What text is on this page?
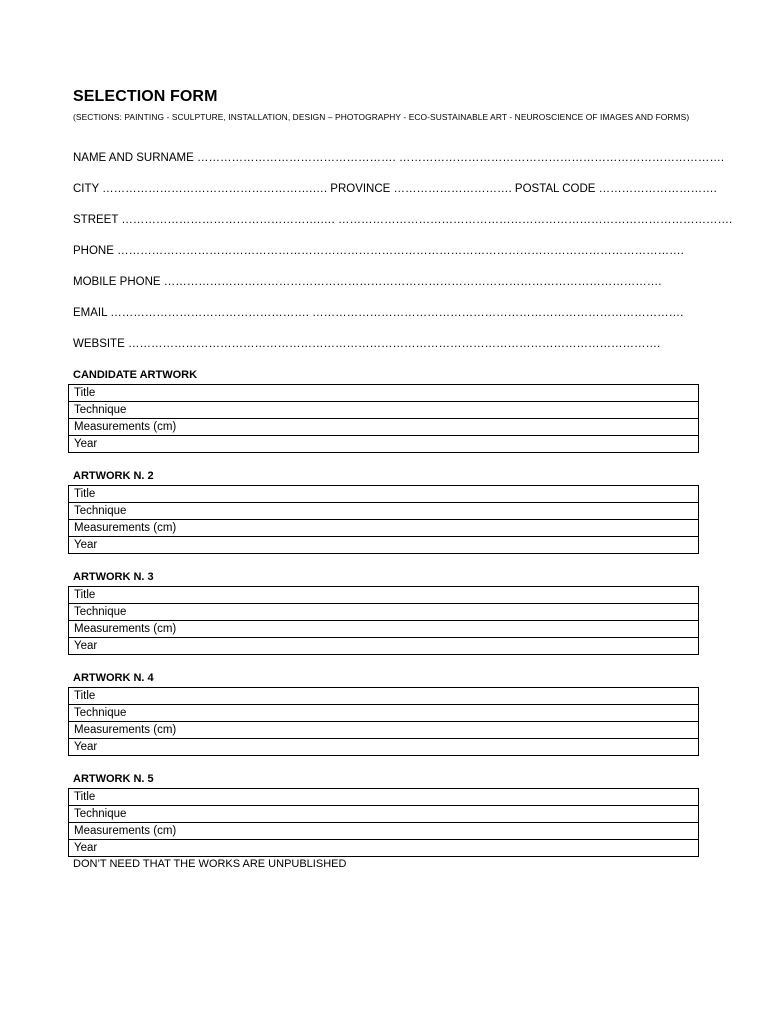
SELECTION FORM
(SECTIONS: PAINTING - SCULPTURE, INSTALLATION, DESIGN – PHOTOGRAPHY - ECO-SUSTAINABLE ART - NEUROSCIENCE OF IMAGES AND FORMS)
NAME AND SURNAME ……………………………………………. ………………………………………………………………………….
CITY ……………………………………………….…. PROVINCE …………………………. POSTAL CODE ………………………….
STREET …………………………………………….…. ………………………………………………………………………………………….
PHONE ………………………………………………………………………………………………………………………………….
MOBILE PHONE ………………………………………………………………………………………………………………….
EMAIL ……………………………………………. …………………………………………………………………………………….
WEBSITE ………………………………………………………………………………………………………………………….
CANDIDATE ARTWORK
Title
Technique
Measurements (cm)
Year
ARTWORK N. 2
Title
Technique
Measurements (cm)
Year
ARTWORK N. 3
Title
Technique
Measurements (cm)
Year
ARTWORK N. 4
Title
Technique
Measurements (cm)
Year
ARTWORK N. 5
Title
Technique
Measurements (cm)
Year
DON’T NEED THAT THE WORKS ARE UNPUBLISHED
